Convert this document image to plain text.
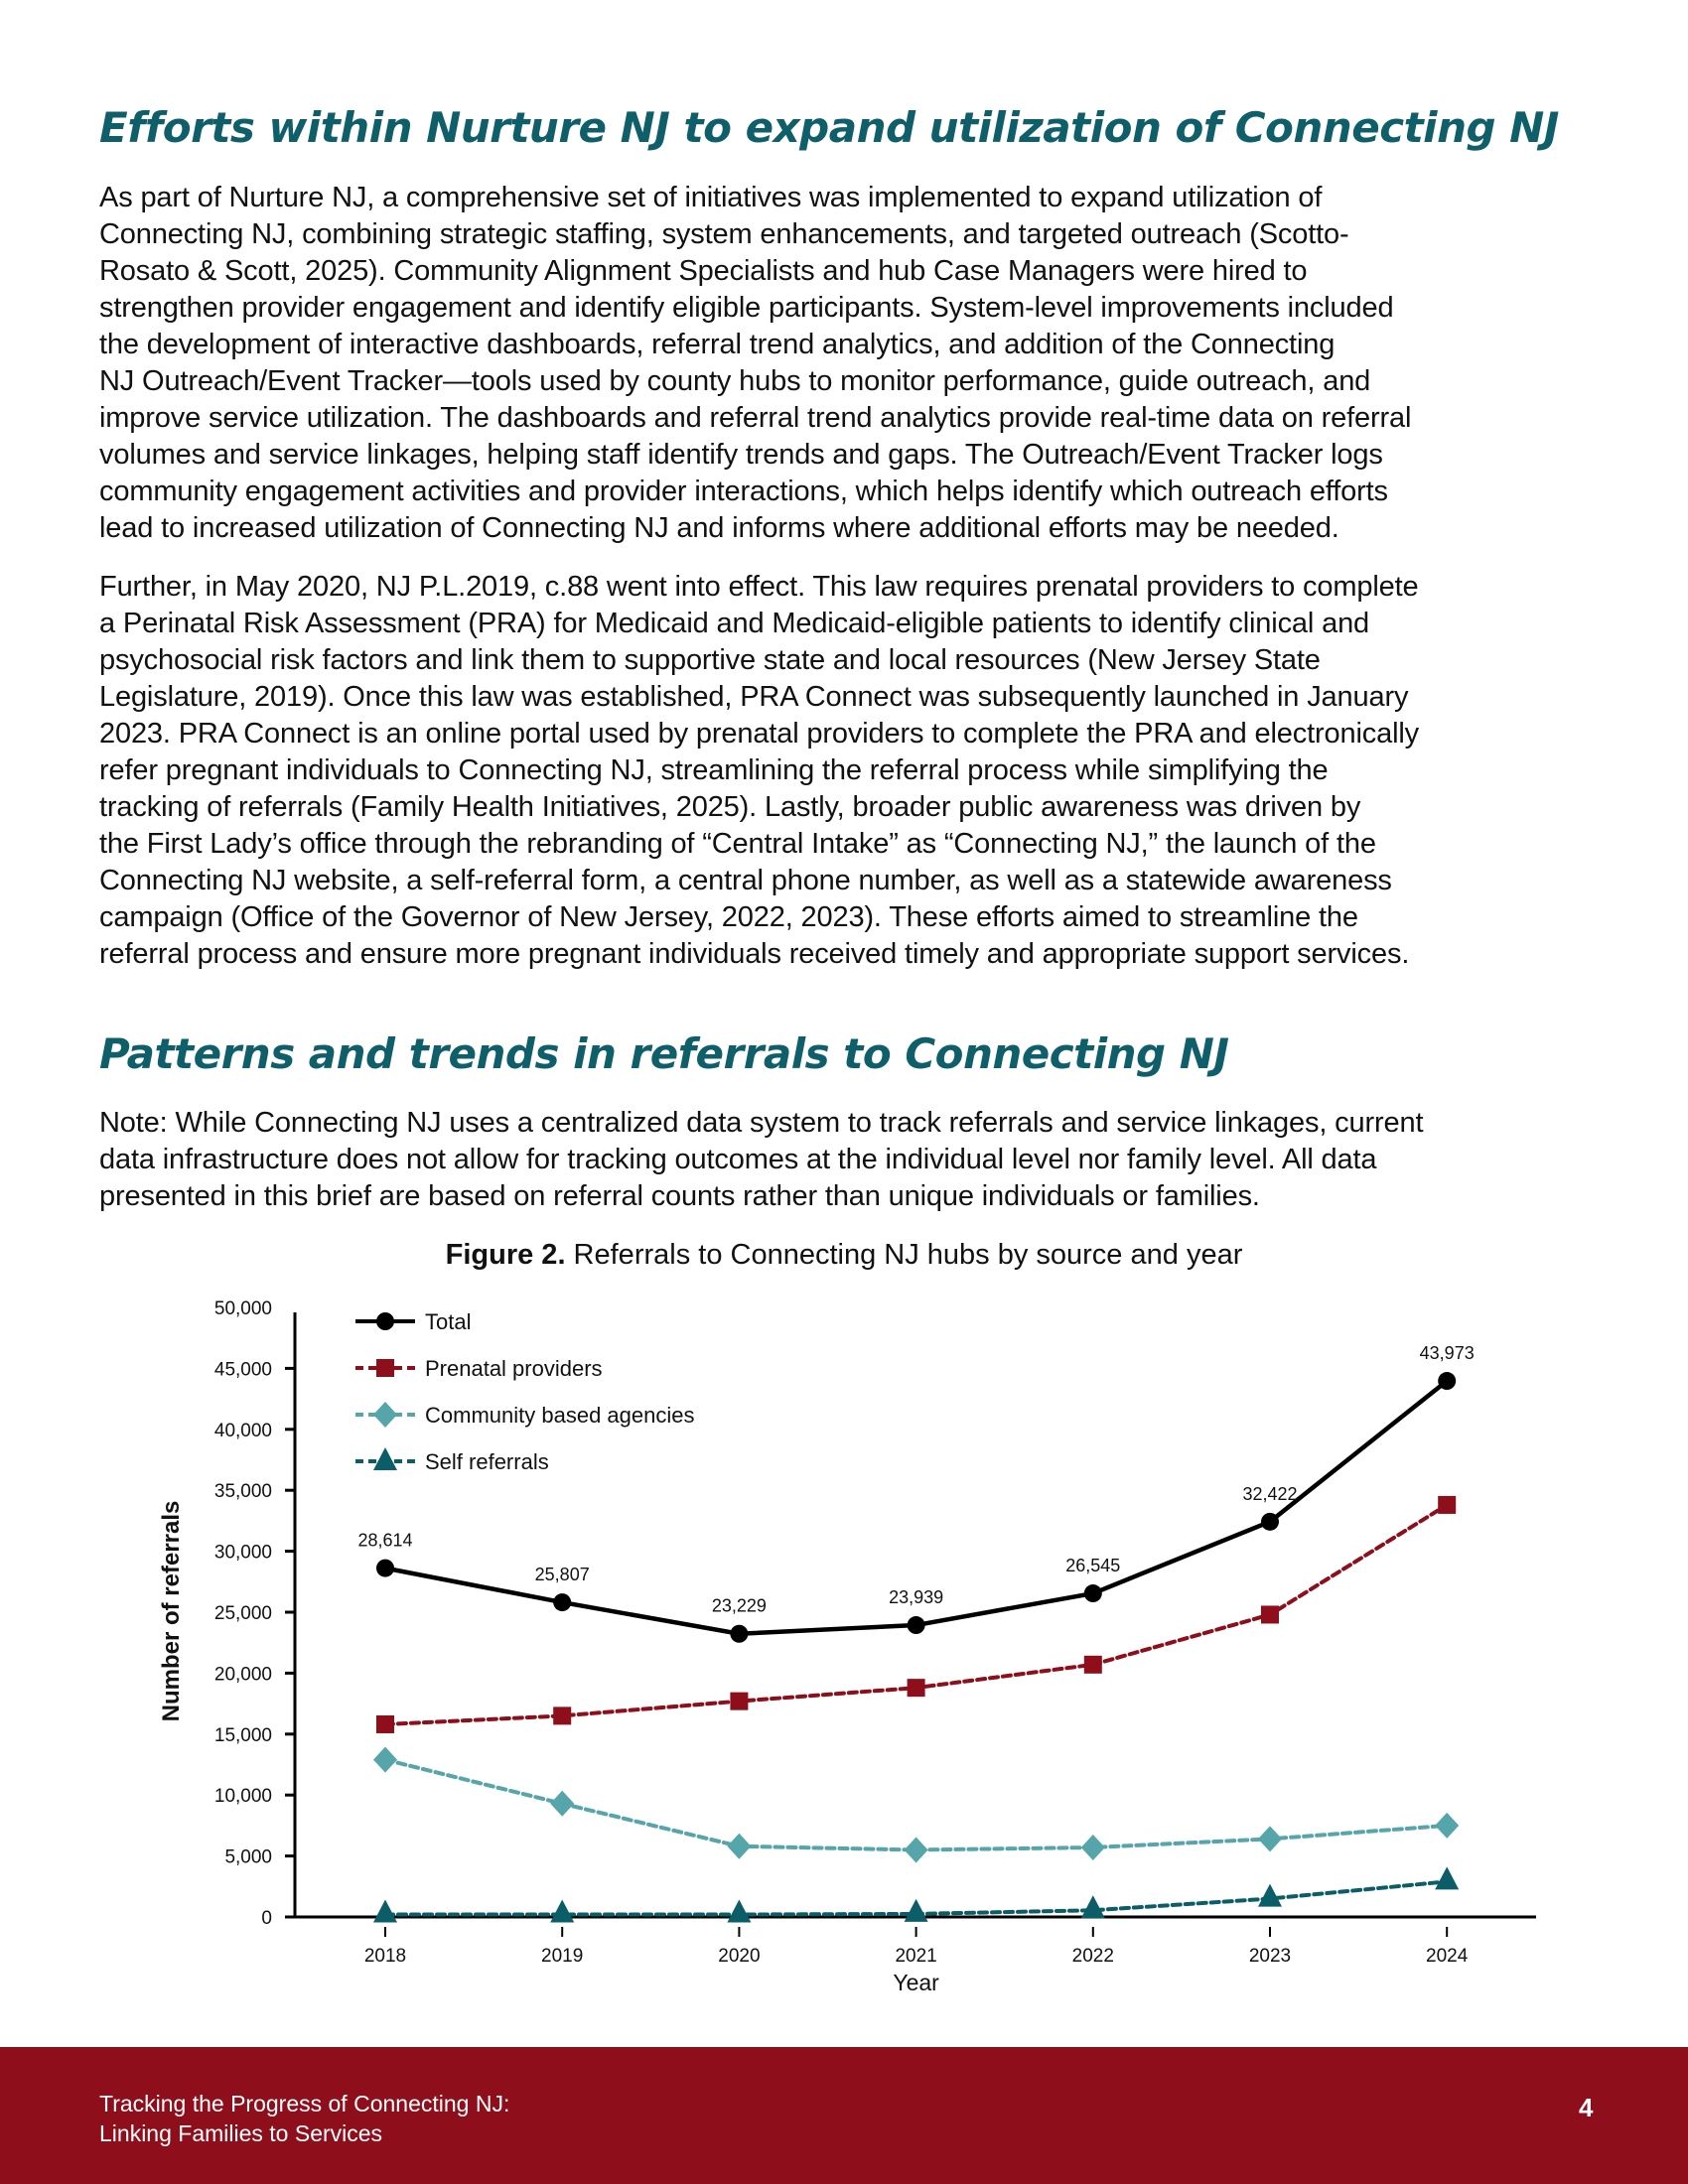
Efforts within Nurture NJ to expand utilization of Connecting NJ
As part of Nurture NJ, a comprehensive set of initiatives was implemented to expand utilization of
Connecting NJ, combining strategic staffing, system enhancements, and targeted outreach (Scotto-
Rosato & Scott, 2025). Community Alignment Specialists and hub Case Managers were hired to
strengthen provider engagement and identify eligible participants. System-level improvements included
the development of interactive dashboards, referral trend analytics, and addition of the Connecting
NJ Outreach/Event Tracker—tools used by county hubs to monitor performance, guide outreach, and
improve service utilization. The dashboards and referral trend analytics provide real-time data on referral
volumes and service linkages, helping staff identify trends and gaps. The Outreach/Event Tracker logs
community engagement activities and provider interactions, which helps identify which outreach efforts
lead to increased utilization of Connecting NJ and informs where additional efforts may be needed.
Further, in May 2020, NJ P.L.2019, c.88 went into effect. This law requires prenatal providers to complete
a Perinatal Risk Assessment (PRA) for Medicaid and Medicaid-eligible patients to identify clinical and
psychosocial risk factors and link them to supportive state and local resources (New Jersey State
Legislature, 2019). Once this law was established, PRA Connect was subsequently launched in January
2023. PRA Connect is an online portal used by prenatal providers to complete the PRA and electronically
refer pregnant individuals to Connecting NJ, streamlining the referral process while simplifying the
tracking of referrals (Family Health Initiatives, 2025). Lastly, broader public awareness was driven by
the First Lady’s office through the rebranding of “Central Intake” as “Connecting NJ,” the launch of the
Connecting NJ website, a self-referral form, a central phone number, as well as a statewide awareness
campaign (Office of the Governor of New Jersey, 2022, 2023). These efforts aimed to streamline the
referral process and ensure more pregnant individuals received timely and appropriate support services.
Patterns and trends in referrals to Connecting NJ
Note: While Connecting NJ uses a centralized data system to track referrals and service linkages, current
data infrastructure does not allow for tracking outcomes at the individual level nor family level. All data
presented in this brief are based on referral counts rather than unique individuals or families.

Figure 2. Referrals to Connecting NJ hubs by source and year

0
5,000
10,000
15,000
20,000
25,000
30,000
35,000
40,000
45,000
50,000
2018	2019	2020	2021	2022	2023	2024
Year
Number of referrals	28,614
25,807
23,229	23,939
26,545
32,422
43,973
Total
Prenatal providers
Community based agencies
Self referrals
Tracking the Progress of Connecting NJ:
Linking Families to Services
4
